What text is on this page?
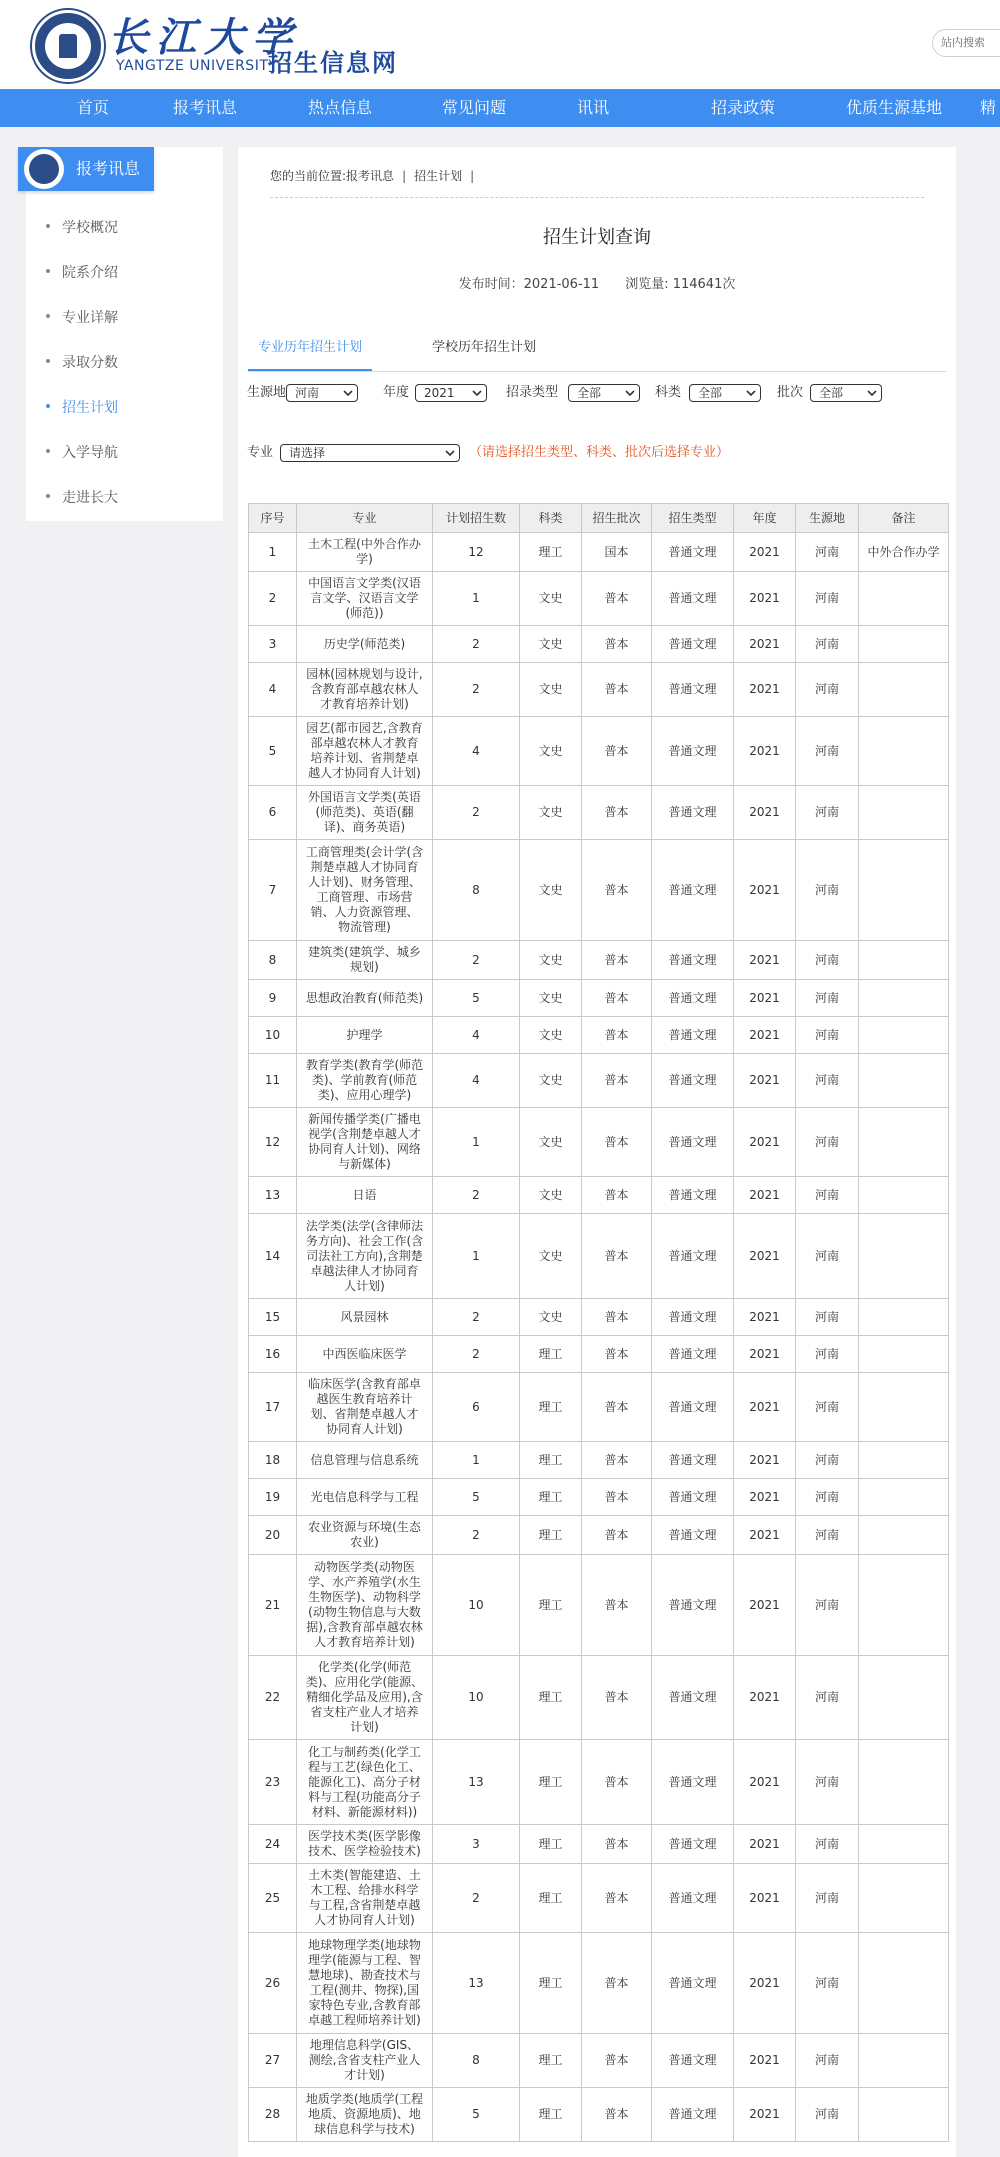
长江大学
YANGTZE UNIVERSITY
招生信息网
站内搜索
首页	报考讯息	热点信息	常见问题	讯讯	招录政策	优质生源基地 精
报考讯息
学校概况
院系介绍
专业详解
录取分数
招生计划
入学导航
走进长大
您的当前位置:报考讯息 | 招生计划 |
招生计划查询
发布时间：2021-06-11 浏览量: 114641次
专业历年招生计划	学校历年招生计划
生源地 河南	年度	2021	招录类型	全部	科类	全部	批次	全部
专业	请选择	（请选择招生类型、科类、批次后选择专业）
序号	专业	计划招生数	科类	招生批次	招生类型	年度	生源地	备注
1	土木工程(中外合作办学)	12	理工	国本	普通文理	2021	河南	中外合作办学
2	中国语言文学类(汉语言文学、汉语言文学(师范))	1	文史	普本	普通文理	2021	河南	
3	历史学(师范类)	2	文史	普本	普通文理	2021	河南	
4	园林(园林规划与设计,含教育部卓越农林人才教育培养计划)	2	文史	普本	普通文理	2021	河南	
5	园艺(都市园艺,含教育部卓越农林人才教育培养计划、省荆楚卓越人才协同育人计划)	4	文史	普本	普通文理	2021	河南	
6	外国语言文学类(英语(师范类)、英语(翻译)、商务英语)	2	文史	普本	普通文理	2021	河南	
7	工商管理类(会计学(含荆楚卓越人才协同育人计划)、财务管理、工商管理、市场营销、人力资源管理、物流管理)	8	文史	普本	普通文理	2021	河南	
8	建筑类(建筑学、城乡规划)	2	文史	普本	普通文理	2021	河南	
9	思想政治教育(师范类)	5	文史	普本	普通文理	2021	河南	
10	护理学	4	文史	普本	普通文理	2021	河南	
11	教育学类(教育学(师范类)、学前教育(师范类)、应用心理学)	4	文史	普本	普通文理	2021	河南	
12	新闻传播学类(广播电视学(含荆楚卓越人才协同育人计划)、网络与新媒体)	1	文史	普本	普通文理	2021	河南	
13	日语	2	文史	普本	普通文理	2021	河南	
14	法学类(法学(含律师法务方向)、社会工作(含司法社工方向),含荆楚卓越法律人才协同育人计划)	1	文史	普本	普通文理	2021	河南	
15	风景园林	2	文史	普本	普通文理	2021	河南	
16	中西医临床医学	2	理工	普本	普通文理	2021	河南	
17	临床医学(含教育部卓越医生教育培养计划、省荆楚卓越人才协同育人计划)	6	理工	普本	普通文理	2021	河南	
18	信息管理与信息系统	1	理工	普本	普通文理	2021	河南	
19	光电信息科学与工程	5	理工	普本	普通文理	2021	河南	
20	农业资源与环境(生态农业)	2	理工	普本	普通文理	2021	河南	
21	动物医学类(动物医学、水产养殖学(水生生物医学)、动物科学(动物生物信息与大数据),含教育部卓越农林人才教育培养计划)	10	理工	普本	普通文理	2021	河南	
22	化学类(化学(师范类)、应用化学(能源、精细化学品及应用),含省支柱产业人才培养计划)	10	理工	普本	普通文理	2021	河南	
23	化工与制药类(化学工程与工艺(绿色化工、能源化工)、高分子材料与工程(功能高分子材料、新能源材料))	13	理工	普本	普通文理	2021	河南	
24	医学技术类(医学影像技术、医学检验技术)	3	理工	普本	普通文理	2021	河南	
25	土木类(智能建造、土木工程、给排水科学与工程,含省荆楚卓越人才协同育人计划)	2	理工	普本	普通文理	2021	河南	
26	地球物理学类(地球物理学(能源与工程、智慧地球)、勘查技术与工程(测井、物探),国家特色专业,含教育部卓越工程师培养计划)	13	理工	普本	普通文理	2021	河南	
27	地理信息科学(GIS、测绘,含省支柱产业人才计划)	8	理工	普本	普通文理	2021	河南	
28	地质学类(地质学(工程地质、资源地质)、地球信息科学与技术)	5	理工	普本	普通文理	2021	河南	
